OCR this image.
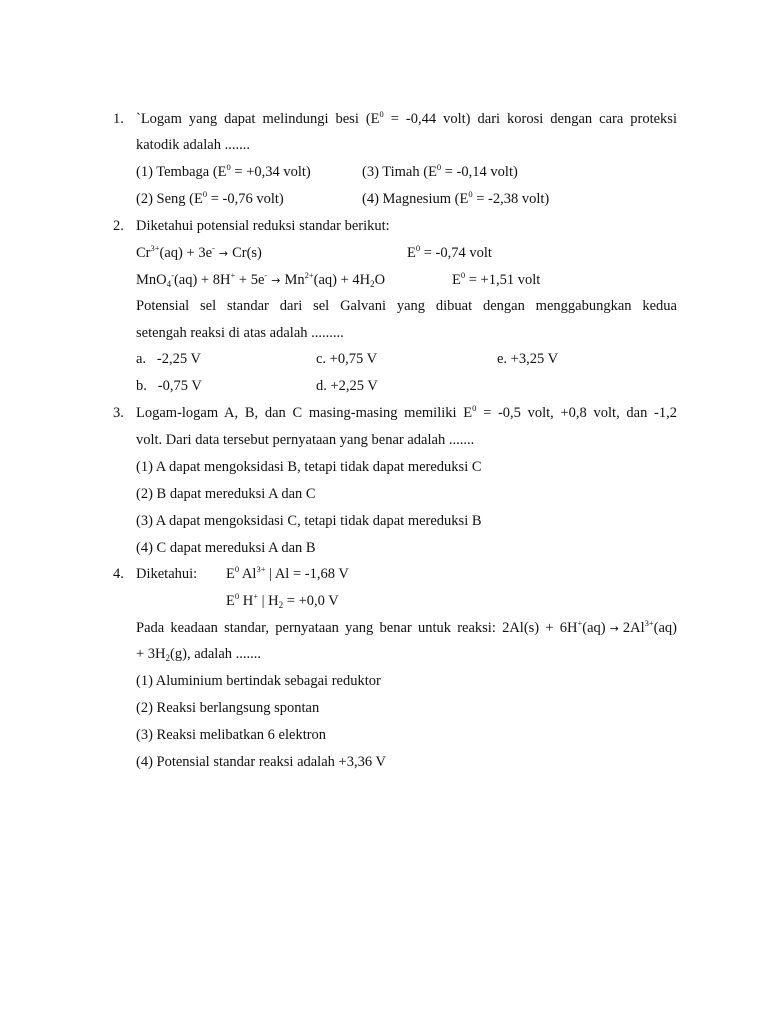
1. `Logam yang dapat melindungi besi ($E^0 = -0,44$ volt) dari korosi dengan cara proteksi
katodik adalah .......
(1) Tembaga ($E^0 = +0,34$ volt)	(3) Timah ($E^0 = -0,14$ volt)
(2) Seng ($E^0 = -0,76$ volt)	(4) Magnesium ($E^0 = -2,38$ volt)
2. Diketahui potensial reduksi standar berikut:
$Cr^{3+}(aq) + 3e^- \to Cr(s)$	$E^0 = -0,74$ volt
$MnO_4^-(aq) + 8H^+ + 5e^- \to Mn^{2+}(aq) + 4H_2O$	$E^0 = +1,51$ volt
Potensial sel standar dari sel Galvani yang dibuat dengan menggabungkan kedua
setengah reaksi di atas adalah .........
a.   -2,25 V	c. +0,75 V	e. +3,25 V
b.   -0,75 V	d. +2,25 V
3. Logam-logam A, B, dan C masing-masing memiliki $E^0 = -0,5$ volt, +0,8 volt, dan -1,2
volt. Dari data tersebut pernyataan yang benar adalah .......
(1) A dapat mengoksidasi B, tetapi tidak dapat mereduksi C
(2) B dapat mereduksi A dan C
(3) A dapat mengoksidasi C, tetapi tidak dapat mereduksi B
(4) C dapat mereduksi A dan B
4. Diketahui: $E^0$ $Al^{3+}$ | Al = -1,68 V
$E^0$ H+ | $H_2 = +0,0$ V
Pada keadaan standar, pernyataan yang benar untuk reaksi: $2Al(s) + 6H^+(aq) \to 2Al^{3+}(aq)$
+ $3H_2(g)$, adalah .......
(1) Aluminium bertindak sebagai reduktor
(2) Reaksi berlangsung spontan
(3) Reaksi melibatkan 6 elektron
(4) Potensial standar reaksi adalah +3,36 V
